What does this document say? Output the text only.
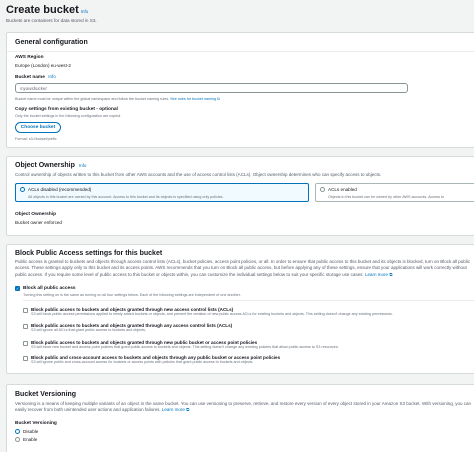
Create bucket Info
Buckets are containers for data stored in S3.
General configuration
AWS Region
Europe (London) eu-west-2
Bucket name Info
myawsbucket
Bucket name must be unique within the global namespace and follow the bucket naming rules. See rules for bucket naming ⧉
Copy settings from existing bucket - optional
Only the bucket settings in the following configuration are copied.
Choose bucket
Format: s3://bucket/prefix
Object Ownership Info
Control ownership of objects written to this bucket from other AWS accounts and the use of access control lists (ACLs). Object ownership determines who can specify access to objects.
ACLs disabled (recommended)
All objects in this bucket are owned by this account. Access to this bucket and its objects is specified using only policies.
ACLs enabled
Objects in this bucket can be owned by other AWS accounts. Access to
Object Ownership
Bucket owner enforced
Block Public Access settings for this bucket
Public access is granted to buckets and objects through access control lists (ACLs), bucket policies, access point policies, or all. In order to ensure that public access to this bucket and its objects is blocked, turn on Block all public access. These settings apply only to this bucket and its access points. AWS recommends that you turn on Block all public access, but before applying any of these settings, ensure that your applications will work correctly without public access. If you require some level of public access to this bucket or objects within, you can customize the individual settings below to suit your specific storage use cases. Learn more ⧉
✓ Block all public access
Turning this setting on is the same as turning on all four settings below. Each of the following settings are independent of one another.
Block public access to buckets and objects granted through new access control lists (ACLs)
S3 will block public access permissions applied to newly added buckets or objects, and prevent the creation of new public access ACLs for existing buckets and objects. This setting doesn't change any existing permissions.
Block public access to buckets and objects granted through any access control lists (ACLs)
S3 will ignore all ACLs that grant public access to buckets and objects.
Block public access to buckets and objects granted through new public bucket or access point policies
S3 will block new bucket and access point policies that grant public access to buckets and objects. This setting doesn't change any existing policies that allow public access to S3 resources.
Block public and cross-account access to buckets and objects through any public bucket or access point policies
S3 will ignore public and cross-account access for buckets or access points with policies that grant public access to buckets and objects.
Bucket Versioning
Versioning is a means of keeping multiple variants of an object in the same bucket. You can use versioning to preserve, retrieve, and restore every version of every object stored in your Amazon S3 bucket. With versioning, you can easily recover from both unintended user actions and application failures. Learn more ⧉
Bucket Versioning
Disable
Enable
